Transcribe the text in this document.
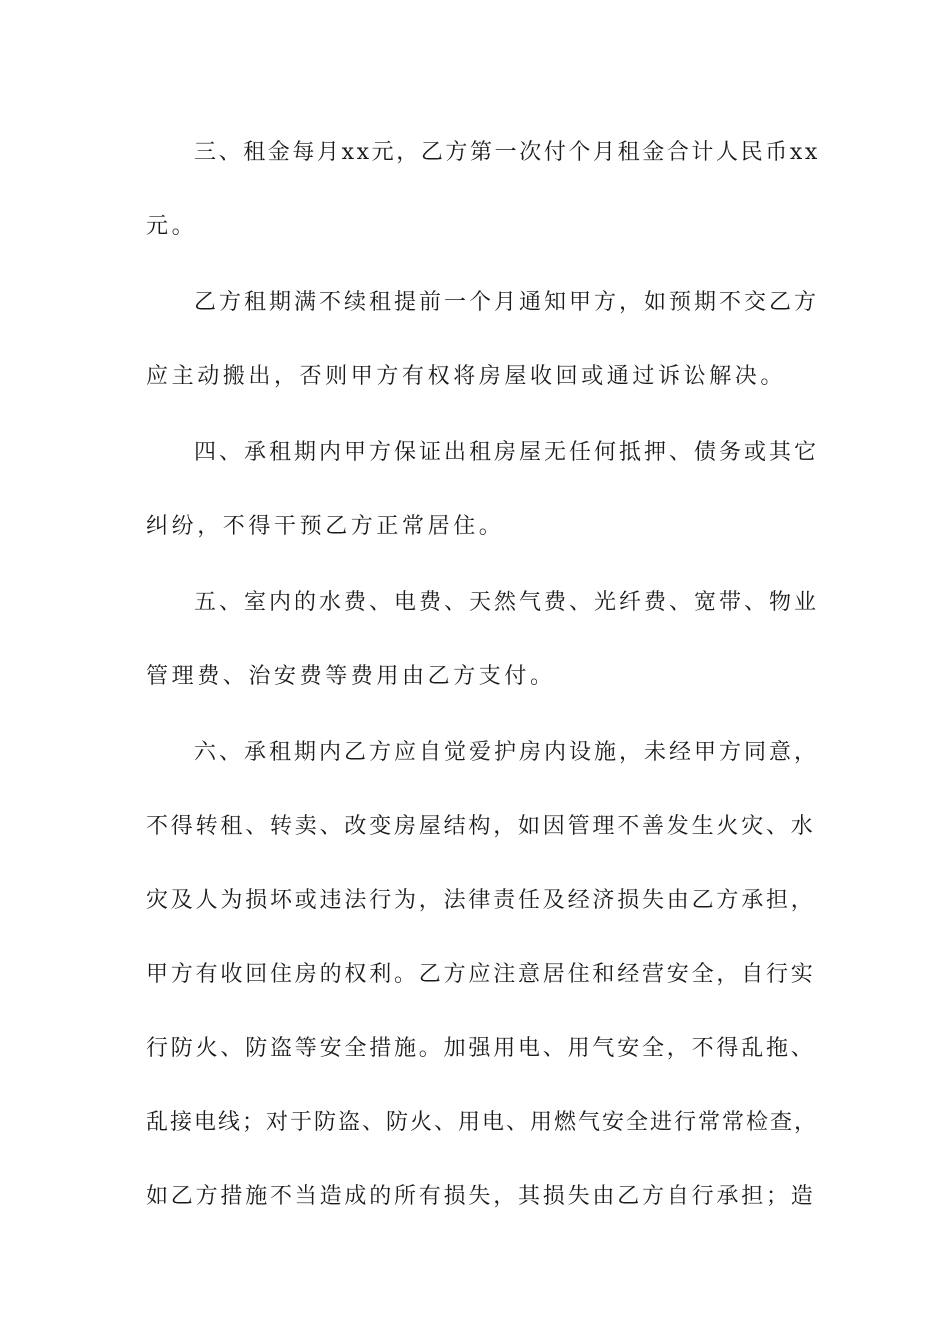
三、租金每月xx元，乙方第一次付个月租金合计人民币xx
元。
乙方租期满不续租提前一个月通知甲方，如预期不交乙方
应主动搬出，否则甲方有权将房屋收回或通过诉讼解决。
四、承租期内甲方保证出租房屋无任何抵押、债务或其它
纠纷，不得干预乙方正常居住。
五、室内的水费、电费、天然气费、光纤费、宽带、物业
管理费、治安费等费用由乙方支付。
六、承租期内乙方应自觉爱护房内设施，未经甲方同意，
不得转租、转卖、改变房屋结构，如因管理不善发生火灾、水
灾及人为损坏或违法行为，法律责任及经济损失由乙方承担，
甲方有收回住房的权利。乙方应注意居住和经营安全，自行实
行防火、防盗等安全措施。加强用电、用气安全，不得乱拖、
乱接电线；对于防盗、防火、用电、用燃气安全进行常常检查，
如乙方措施不当造成的所有损失，其损失由乙方自行承担；造
